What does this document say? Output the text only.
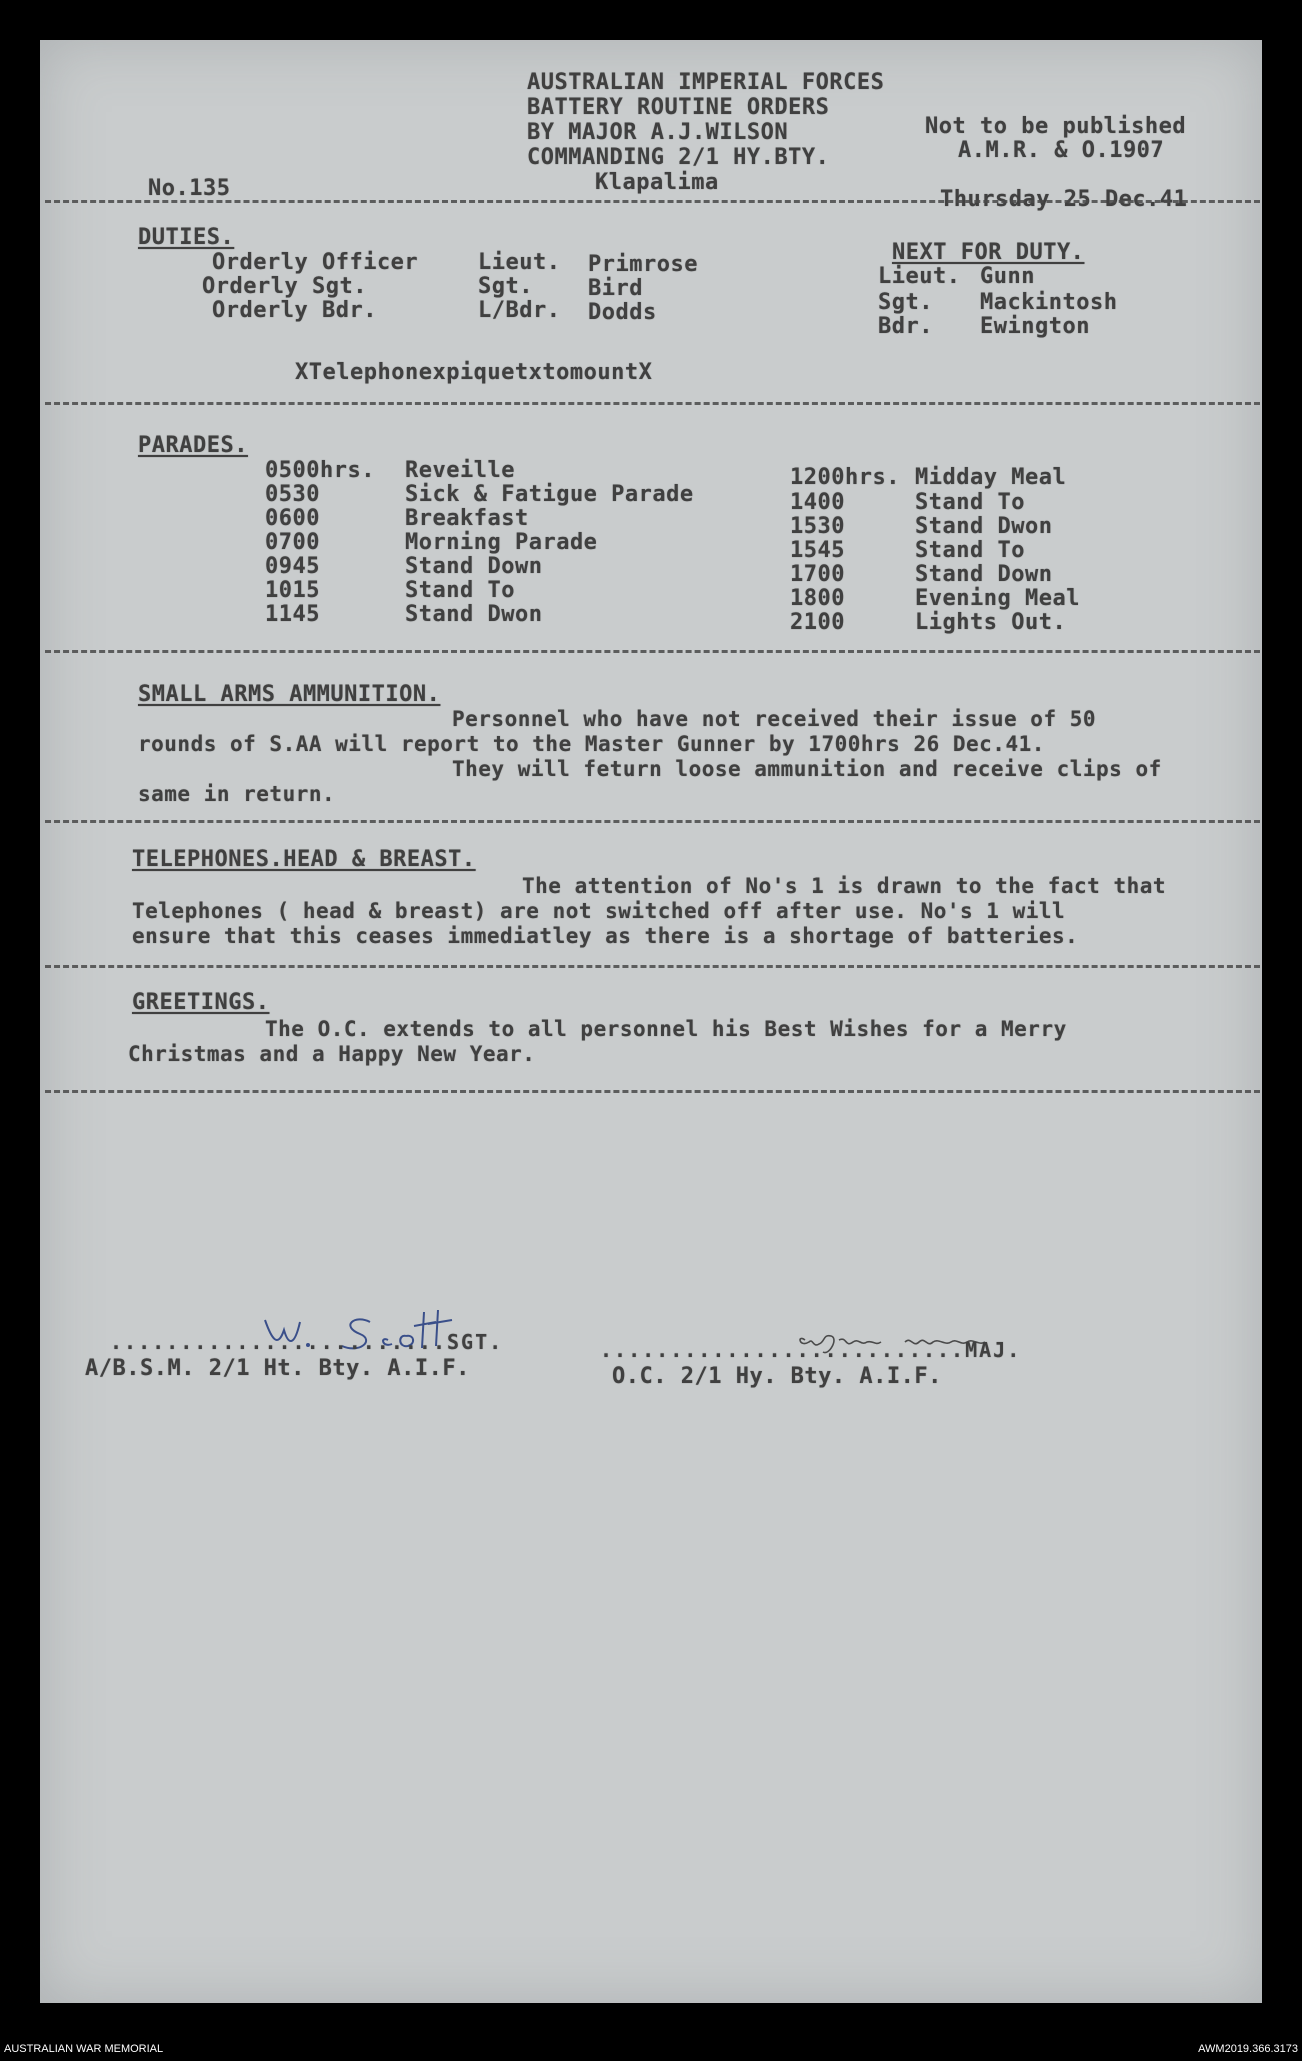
AUSTRALIAN IMPERIAL FORCES
BATTERY ROUTINE ORDERS
BY MAJOR A.J.WILSON
COMMANDING 2/1 HY.BTY.
Klapalima
Not to be published
A.M.R. & O.1907
No.135	Thursday 25 Dec.41
DUTIES.
Orderly Officer	Lieut. Primrose
Orderly Sgt.	Sgt.	Bird
Orderly Bdr.	L/Bdr. Dodds
NEXT FOR DUTY.
Lieut. Gunn
Sgt. Mackintosh
Bdr. Ewington
XTelephonexpiquetxtomountX
PARADES.
0500hrs. Reveille
0530	Sick & Fatigue Parade
0600	Breakfast
0700	Morning Parade
0945	Stand Down
1015	Stand To
1145	Stand Dwon
1200hrs. Midday Meal
1400	Stand To
1530	Stand Dwon
1545	Stand To
1700	Stand Down
1800	Evening Meal
2100	Lights Out.
SMALL ARMS AMMUNITION.
Personnel who have not received their issue of 50
rounds of S.AA will report to the Master Gunner by 1700hrs 26 Dec.41.
They will feturn loose ammunition and receive clips of
same in return.
TELEPHONES.HEAD & BREAST.
The attention of No's 1 is drawn to the fact that
Telephones ( head & breast) are not switched off after use. No's 1 will
ensure that this ceases immediatley as there is a shortage of batteries.
GREETINGS.
The O.C. extends to all personnel his Best Wishes for a Merry
Christmas and a Happy New Year.
........................SGT.
A/B.S.M. 2/1 Ht. Bty. A.I.F.
..........................MAJ.
O.C. 2/1 Hy. Bty. A.I.F.
AUSTRALIAN WAR MEMORIAL	AWM2019.366.3173
